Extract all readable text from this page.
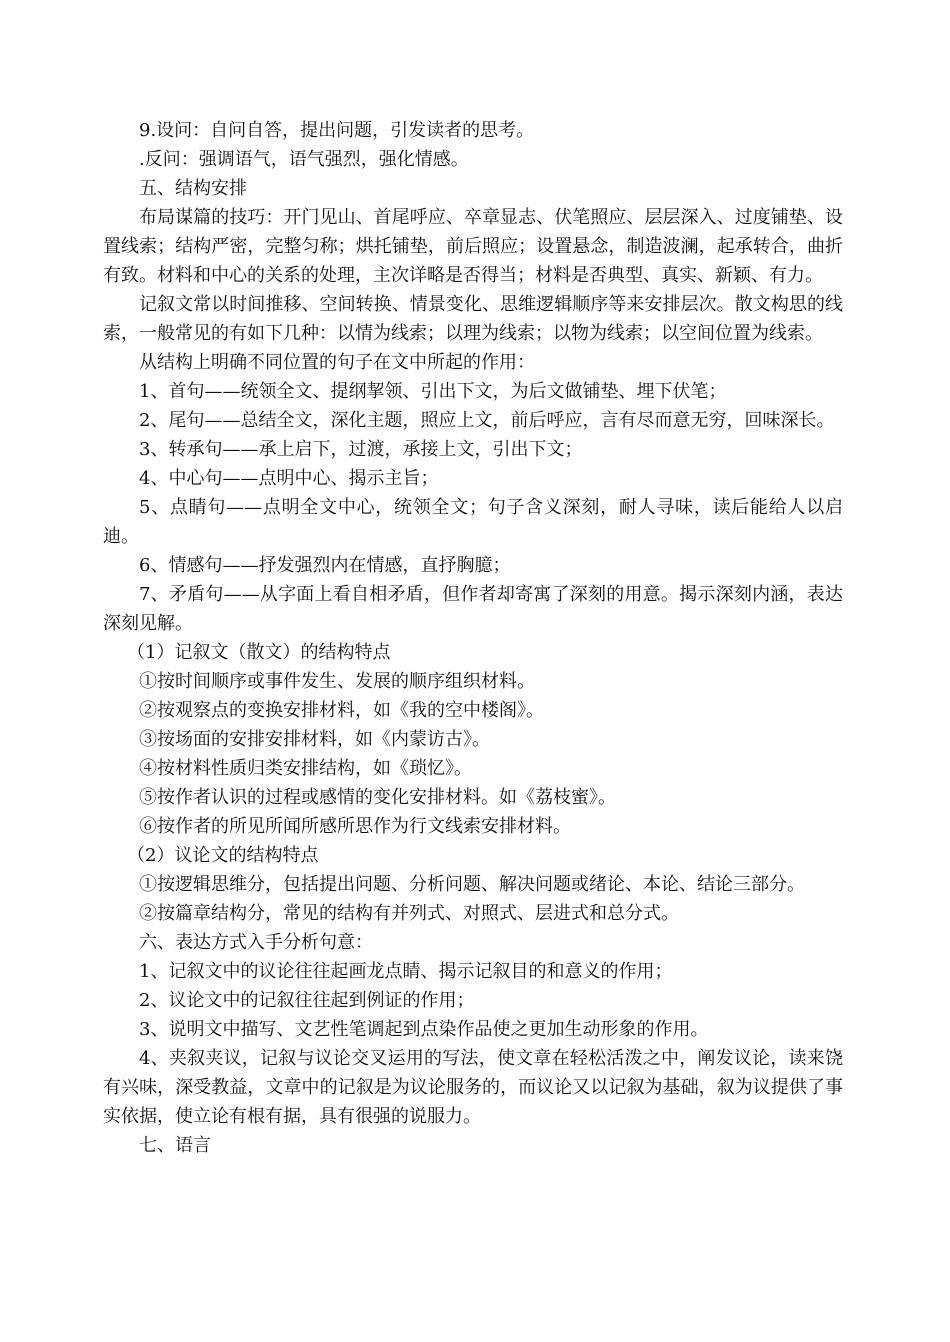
9.设问：自问自答，提出问题，引发读者的思考。

.反问：强调语气，语气强烈，强化情感。

五、结构安排

布局谋篇的技巧：开门见山、首尾呼应、卒章显志、伏笔照应、层层深入、过度铺垫、设置线索；结构严密，完整匀称；烘托铺垫，前后照应；设置悬念，制造波澜，起承转合，曲折有致。材料和中心的关系的处理，主次详略是否得当；材料是否典型、真实、新颖、有力。

记叙文常以时间推移、空间转换、情景变化、思维逻辑顺序等来安排层次。散文构思的线索，一般常见的有如下几种：以情为线索；以理为线索；以物为线索；以空间位置为线索。

从结构上明确不同位置的句子在文中所起的作用：

1、首句——统领全文、提纲挈领、引出下文，为后文做铺垫、埋下伏笔；

2、尾句——总结全文，深化主题，照应上文，前后呼应，言有尽而意无穷，回味深长。

3、转承句——承上启下，过渡，承接上文，引出下文；

4、中心句——点明中心、揭示主旨；

5、点睛句——点明全文中心，统领全文；句子含义深刻，耐人寻味，读后能给人以启迪。

6、情感句——抒发强烈内在情感，直抒胸臆；

7、矛盾句——从字面上看自相矛盾，但作者却寄寓了深刻的用意。揭示深刻内涵，表达深刻见解。

（1）记叙文（散文）的结构特点

①按时间顺序或事件发生、发展的顺序组织材料。

②按观察点的变换安排材料，如《我的空中楼阁》。

③按场面的安排安排材料，如《内蒙访古》。

④按材料性质归类安排结构，如《琐忆》。

⑤按作者认识的过程或感情的变化安排材料。如《荔枝蜜》。

⑥按作者的所见所闻所感所思作为行文线索安排材料。

（2）议论文的结构特点

①按逻辑思维分，包括提出问题、分析问题、解决问题或绪论、本论、结论三部分。

②按篇章结构分，常见的结构有并列式、对照式、层进式和总分式。

六、表达方式入手分析句意：

1、记叙文中的议论往往起画龙点睛、揭示记叙目的和意义的作用；

2、议论文中的记叙往往起到例证的作用；

3、说明文中描写、文艺性笔调起到点染作品使之更加生动形象的作用。

4、夹叙夹议，记叙与议论交叉运用的写法，使文章在轻松活泼之中，阐发议论，读来饶有兴味，深受教益，文章中的记叙是为议论服务的，而议论又以记叙为基础，叙为议提供了事实依据，使立论有根有据，具有很强的说服力。

七、语言
